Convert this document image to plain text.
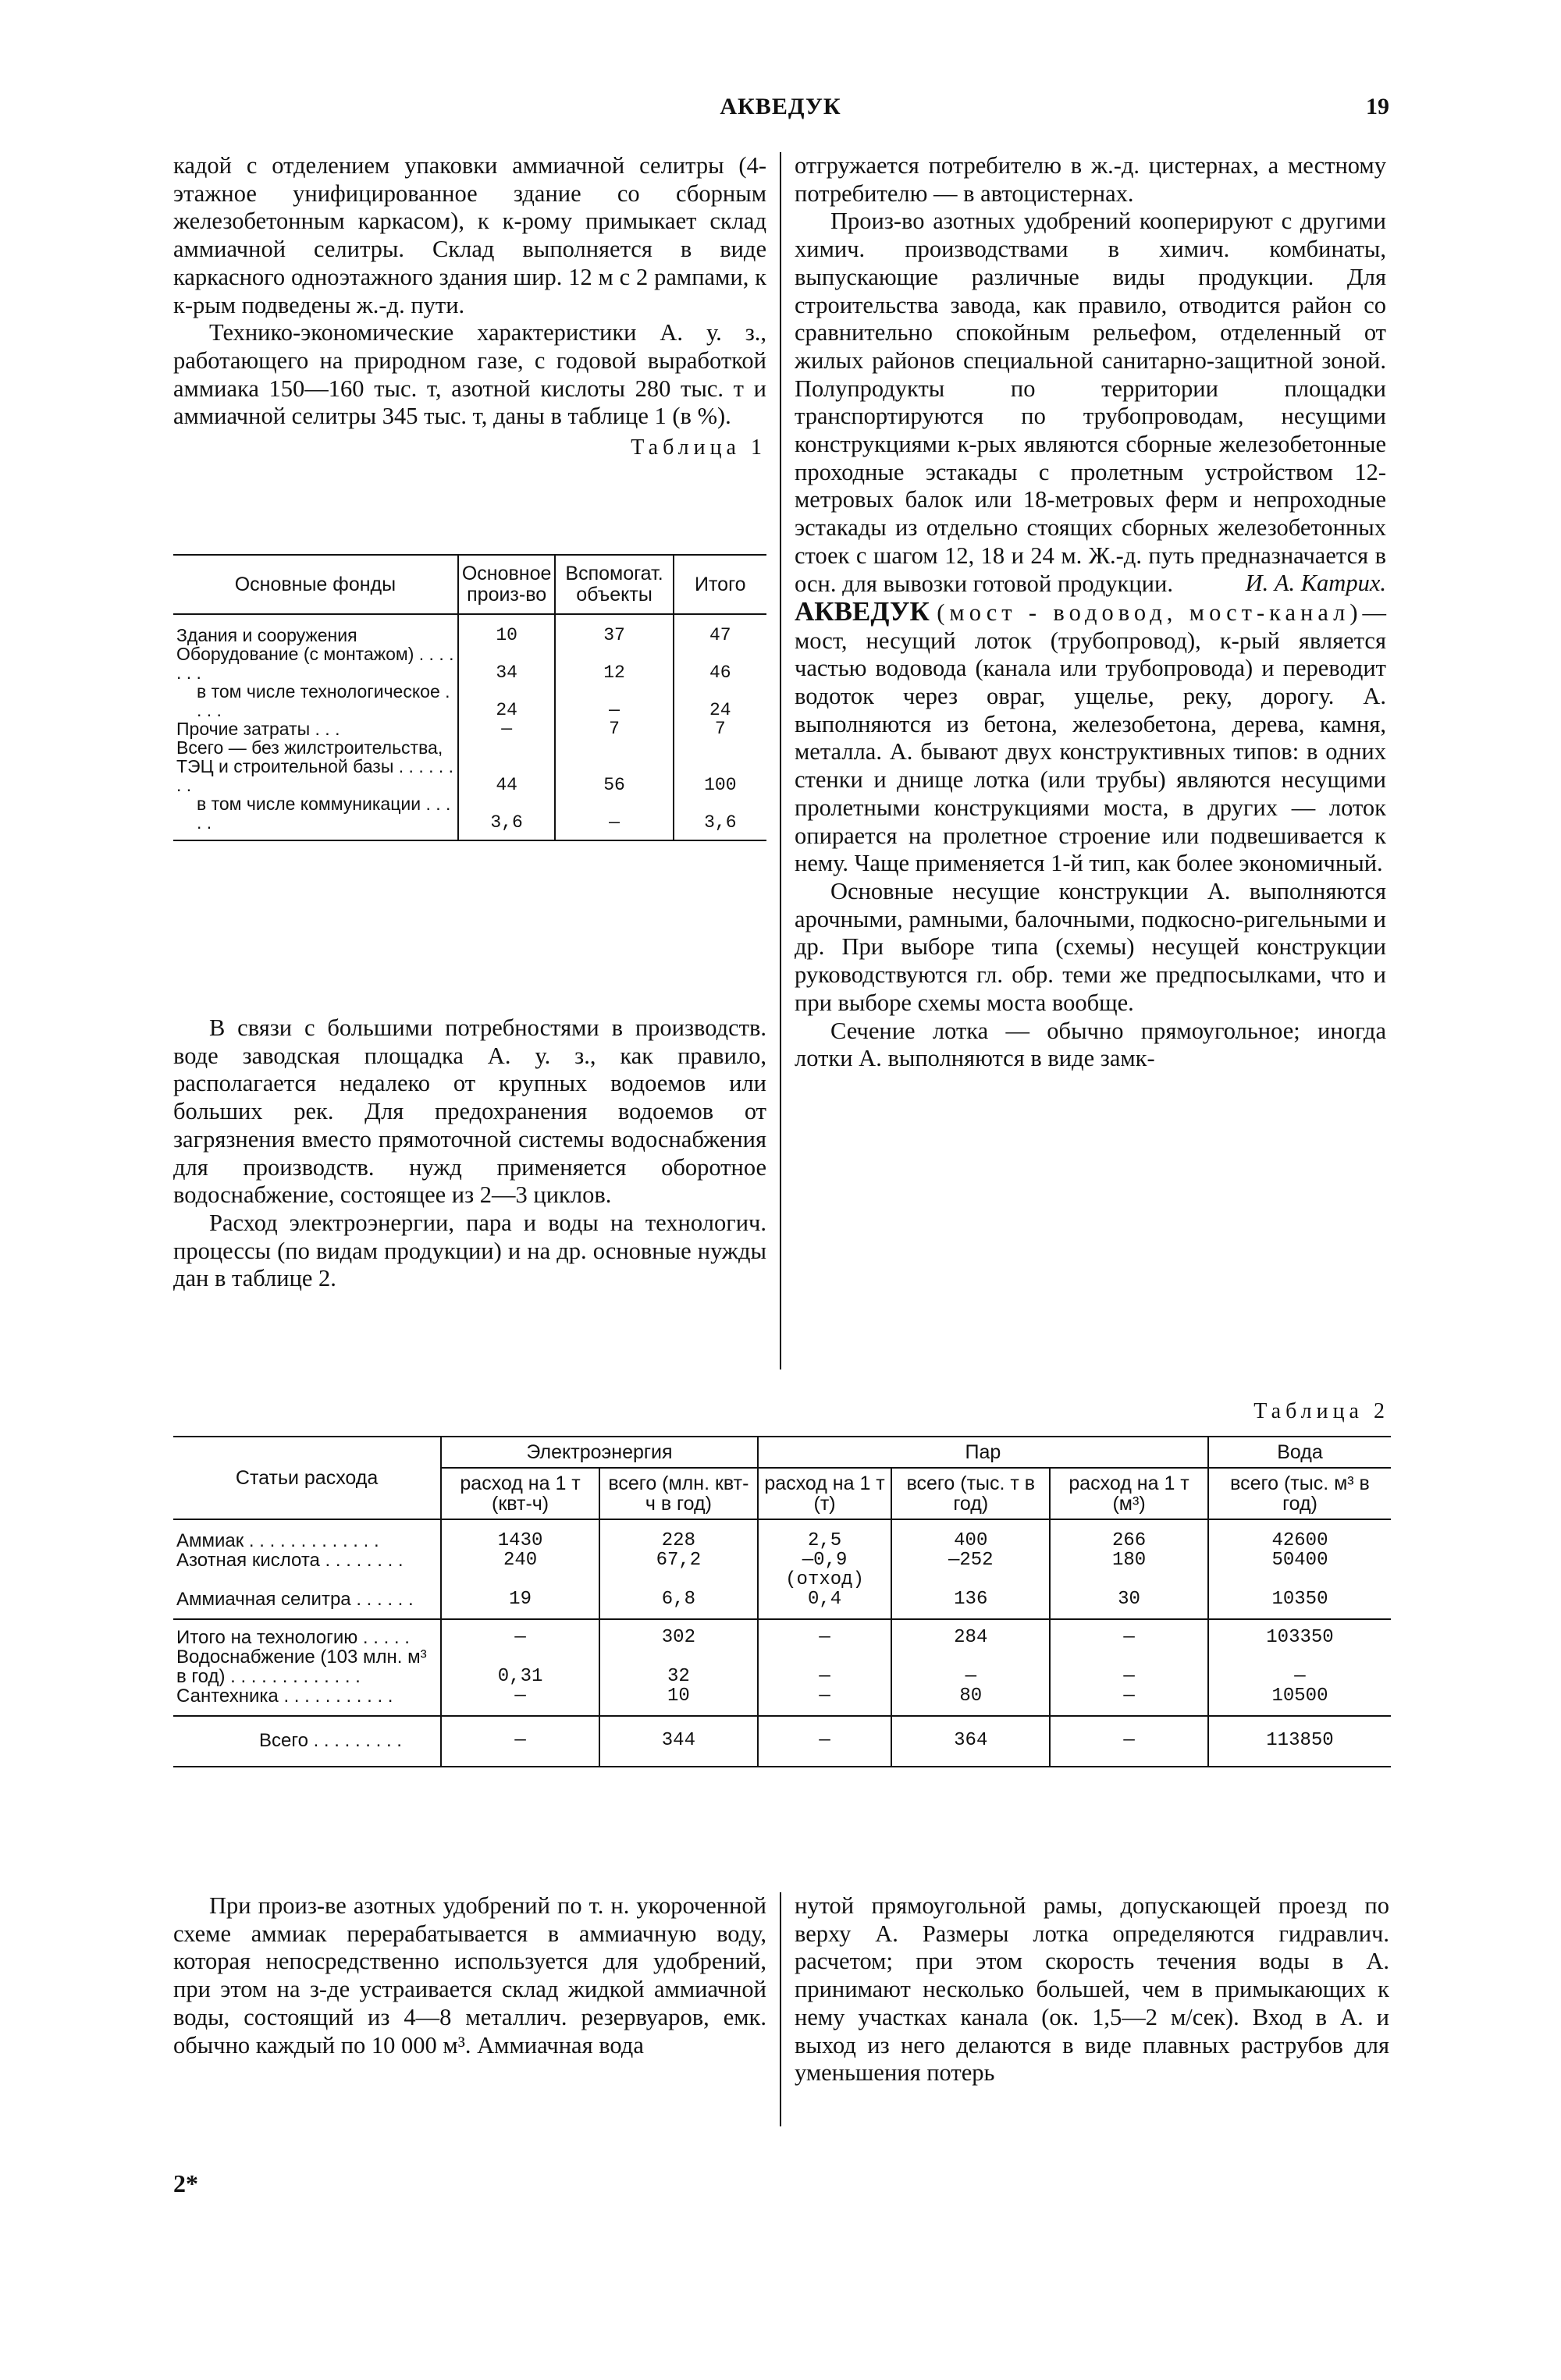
АКВЕДУК	19

кадой с отделением упаковки аммиачной селитры (4-этажное унифицированное здание со сборным железобетонным каркасом), к к-рому примыкает склад аммиачной селитры. Склад выполняется в виде каркасного одноэтажного здания шир. 12 м с 2 рампами, к к-рым подведены ж.-д. пути.

Технико-экономические характеристики А. у. з., работающего на природном газе, с годовой выработкой аммиака 150—160 тыс. т, азотной кислоты 280 тыс. т и аммиачной селитры 345 тыс. т, даны в таблице 1 (в %).

Таблица 1
Основные фонды	Основное произ-во	Вспомогат. объекты	Итого
Здания и сооружения	10	37	47
Оборудование (с монтажом) . . . . . . .	34	12	46
в том числе технологическое . . . .	24	—	24
Прочие затраты . . .	—	7	7
Всего — без жилстроительства, ТЭЦ и строительной базы . . . . . . . .	44	56	100
в том числе коммуникации . . . . .	3,6	—	3,6

В связи с большими потребностями в производств. воде заводская площадка А. у. з., как правило, располагается недалеко от крупных водоемов или больших рек. Для предохранения водоемов от загрязнения вместо прямоточной системы водоснабжения для производств. нужд применяется оборотное водоснабжение, состоящее из 2—3 циклов.

Расход электроэнергии, пара и воды на технологич. процессы (по видам продукции) и на др. основные нужды дан в таблице 2.

отгружается потребителю в ж.-д. цистернах, а местному потребителю — в автоцистернах.

Произ-во азотных удобрений кооперируют с другими химич. производствами в химич. комбинаты, выпускающие различные виды продукции. Для строительства завода, как правило, отводится район со сравнительно спокойным рельефом, отделенный от жилых районов специальной санитарно-защитной зоной. Полупродукты по территории площадки транспортируются по трубопроводам, несущими конструкциями к-рых являются сборные железобетонные проходные эстакады с пролетным устройством 12-метровых балок или 18-метровых ферм и непроходные эстакады из отдельно стоящих сборных железобетонных стоек с шагом 12, 18 и 24 м. Ж.-д. путь предназначается в осн. для вывозки готовой продукции.	И. А. Катрих.

АКВЕДУК (мост - водовод, мост-канал)—мост, несущий лоток (трубопровод), к-рый является частью водовода (канала или трубопровода) и переводит водоток через овраг, ущелье, реку, дорогу. А. выполняются из бетона, железобетона, дерева, камня, металла. А. бывают двух конструктивных типов: в одних стенки и днище лотка (или трубы) являются несущими пролетными конструкциями моста, в других — лоток опирается на пролетное строение или подвешивается к нему. Чаще применяется 1-й тип, как более экономичный.

Основные несущие конструкции А. выполняются арочными, рамными, балочными, подкосно-ригельными и др. При выборе типа (схемы) несущей конструкции руководствуются гл. обр. теми же предпосылками, что и при выборе схемы моста вообще.

Сечение лотка — обычно прямоугольное; иногда лотки А. выполняются в виде замк-

Таблица 2
Статьи расхода	Электроэнергия		Пар			Вода
	расход на 1 т (квт-ч)	всего (млн. квт-ч в год)	расход на 1 т (т)	всего (тыс. т в год)	расход на 1 т (м³)	всего (тыс. м³ в год)
Аммиак . . . . . . . . . . . . .	1430	228	2,5	400	266	42600
Азотная кислота . . . . . . . .	240	67,2	—0,9 (отход)	—252	180	50400
Аммиачная селитра . . . . . .	19	6,8	0,4	136	30	10350
Итого на технологию . . . . .	—	302	—	284	—	103350
Водоснабжение (103 млн. м³ в год) . . . . . . . . . . . . .	0,31	32	—	—	—	—
Сантехника . . . . . . . . . . .	—	10	—	80	—	10500
Всего . . . . . . . . .	—	344	—	364	—	113850

При произ-ве азотных удобрений по т. н. укороченной схеме аммиак перерабатывается в аммиачную воду, которая непосредственно используется для удобрений, при этом на з-де устраивается склад жидкой аммиачной воды, состоящий из 4—8 металлич. резервуаров, емк. обычно каждый по 10 000 м³. Аммиачная вода

нутой прямоугольной рамы, допускающей проезд по верху А. Размеры лотка определяются гидравлич. расчетом; при этом скорость течения воды в А. принимают несколько большей, чем в примыкающих к нему участках канала (ок. 1,5—2 м/сек). Вход в А. и выход из него делаются в виде плавных раструбов для уменьшения потерь

2*
